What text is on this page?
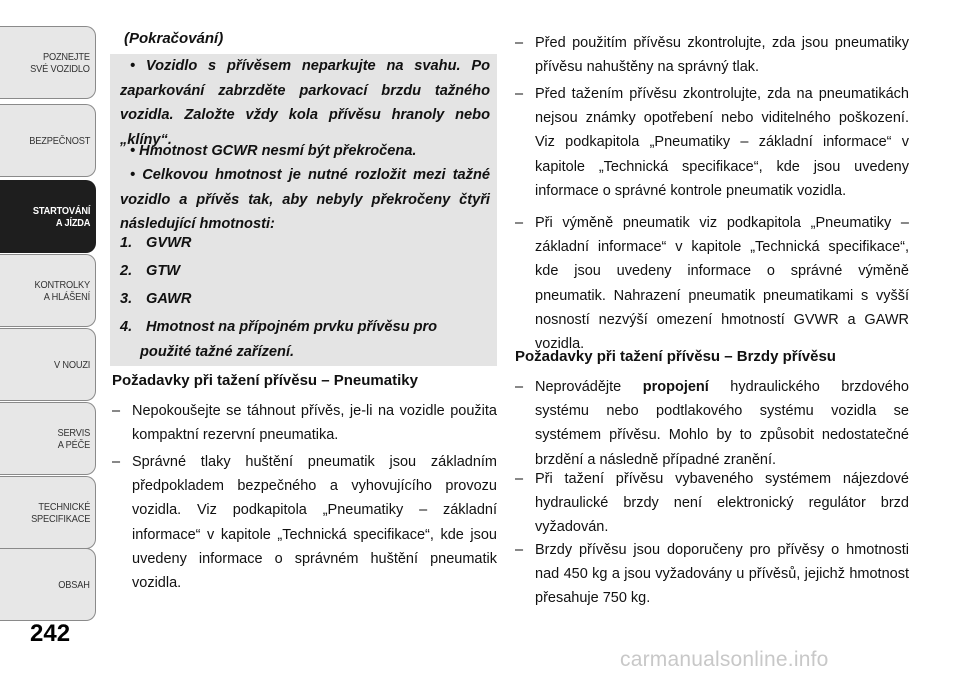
POZNEJTE
SVÉ VOZIDLO
BEZPEČNOST
STARTOVÁNÍ
A JÍZDA
KONTROLKY
A HLÁŠENÍ
V NOUZI
SERVIS
A PÉČE
TECHNICKÉ
SPECIFIKACE
OBSAH
242
(Pokračování)

• Vozidlo s přívěsem neparkujte na svahu. Po zaparkování zabrzděte parkovací brzdu tažného vozidla. Založte vždy kola přívěsu hranoly nebo „klíny“.

• Hmotnost GCWR nesmí být překročena.

• Celkovou hmotnost je nutné rozložit mezi tažné vozidlo a přívěs tak, aby nebyly překročeny čtyři následující hmotnosti:

1. GVWR

2. GTW

3. GAWR

4. Hmotnost na přípojném prvku přívěsu pro
použité tažné zařízení.

Požadavky při tažení přívěsu – Pneumatiky

– Nepokoušejte se táhnout přívěs, je-li na vozidle použita kompaktní rezervní pneumatika.

– Správné tlaky huštění pneumatik jsou základním předpokladem bezpečného a vyhovujícího provozu vozidla. Viz podkapitola „Pneumatiky – základní informace“ v kapitole „Technická specifikace“, kde jsou uvedeny informace o správném huštění pneumatik vozidla.

– Před použitím přívěsu zkontrolujte, zda jsou pneumatiky přívěsu nahuštěny na správný tlak.

– Před tažením přívěsu zkontrolujte, zda na pneumatikách nejsou známky opotřebení nebo viditelného poškození. Viz podkapitola „Pneumatiky – základní informace“ v kapitole „Technická specifikace“, kde jsou uvedeny informace o správné kontrole pneumatik vozidla.

– Při výměně pneumatik viz podkapitola „Pneumatiky – základní informace“ v kapitole „Technická specifikace“, kde jsou uvedeny informace o správné výměně pneumatik. Nahrazení pneumatik pneumatikami s vyšší nosností nezvýší omezení hmotností GVWR a GAWR vozidla.

Požadavky při tažení přívěsu – Brzdy přívěsu

– Neprovádějte propojení hydraulického brzdového systému nebo podtlakového systému vozidla se systémem přívěsu. Mohlo by to způsobit nedostatečné brzdění a následně případné zranění.

– Při tažení přívěsu vybaveného systémem nájezdové hydraulické brzdy není elektronický regulátor brzd vyžadován.

– Brzdy přívěsu jsou doporučeny pro přívěsy o hmotnosti nad 450 kg a jsou vyžadovány u přívěsů, jejichž hmotnost přesahuje 750 kg.

carmanualsonline.info
